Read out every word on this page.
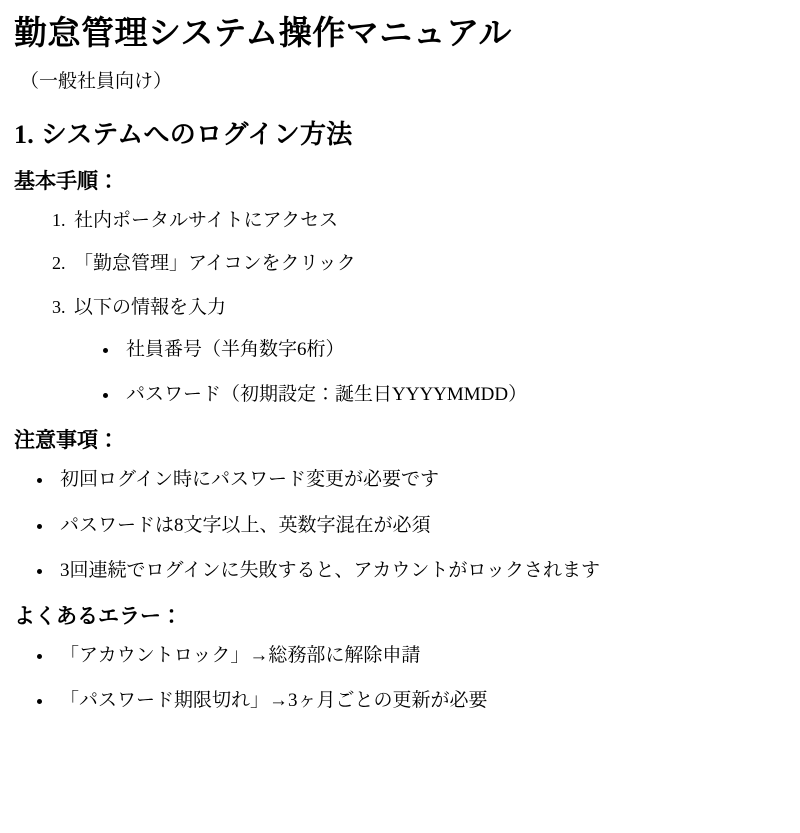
勤怠管理システム操作マニュアル

（一般社員向け）

1. システムへのログイン方法
基本手順：
1. 社内ポータルサイトにアクセス
2. 「勤怠管理」アイコンをクリック
3. 以下の情報を入力
• 社員番号（半角数字6桁）
• パスワード（初期設定：誕生日YYYYMMDD）
注意事項：
• 初回ログイン時にパスワード変更が必要です
• パスワードは8文字以上、英数字混在が必須
• 3回連続でログインに失敗すると、アカウントがロックされます
よくあるエラー：
• 「アカウントロック」→総務部に解除申請
• 「パスワード期限切れ」→3ヶ月ごとの更新が必要
